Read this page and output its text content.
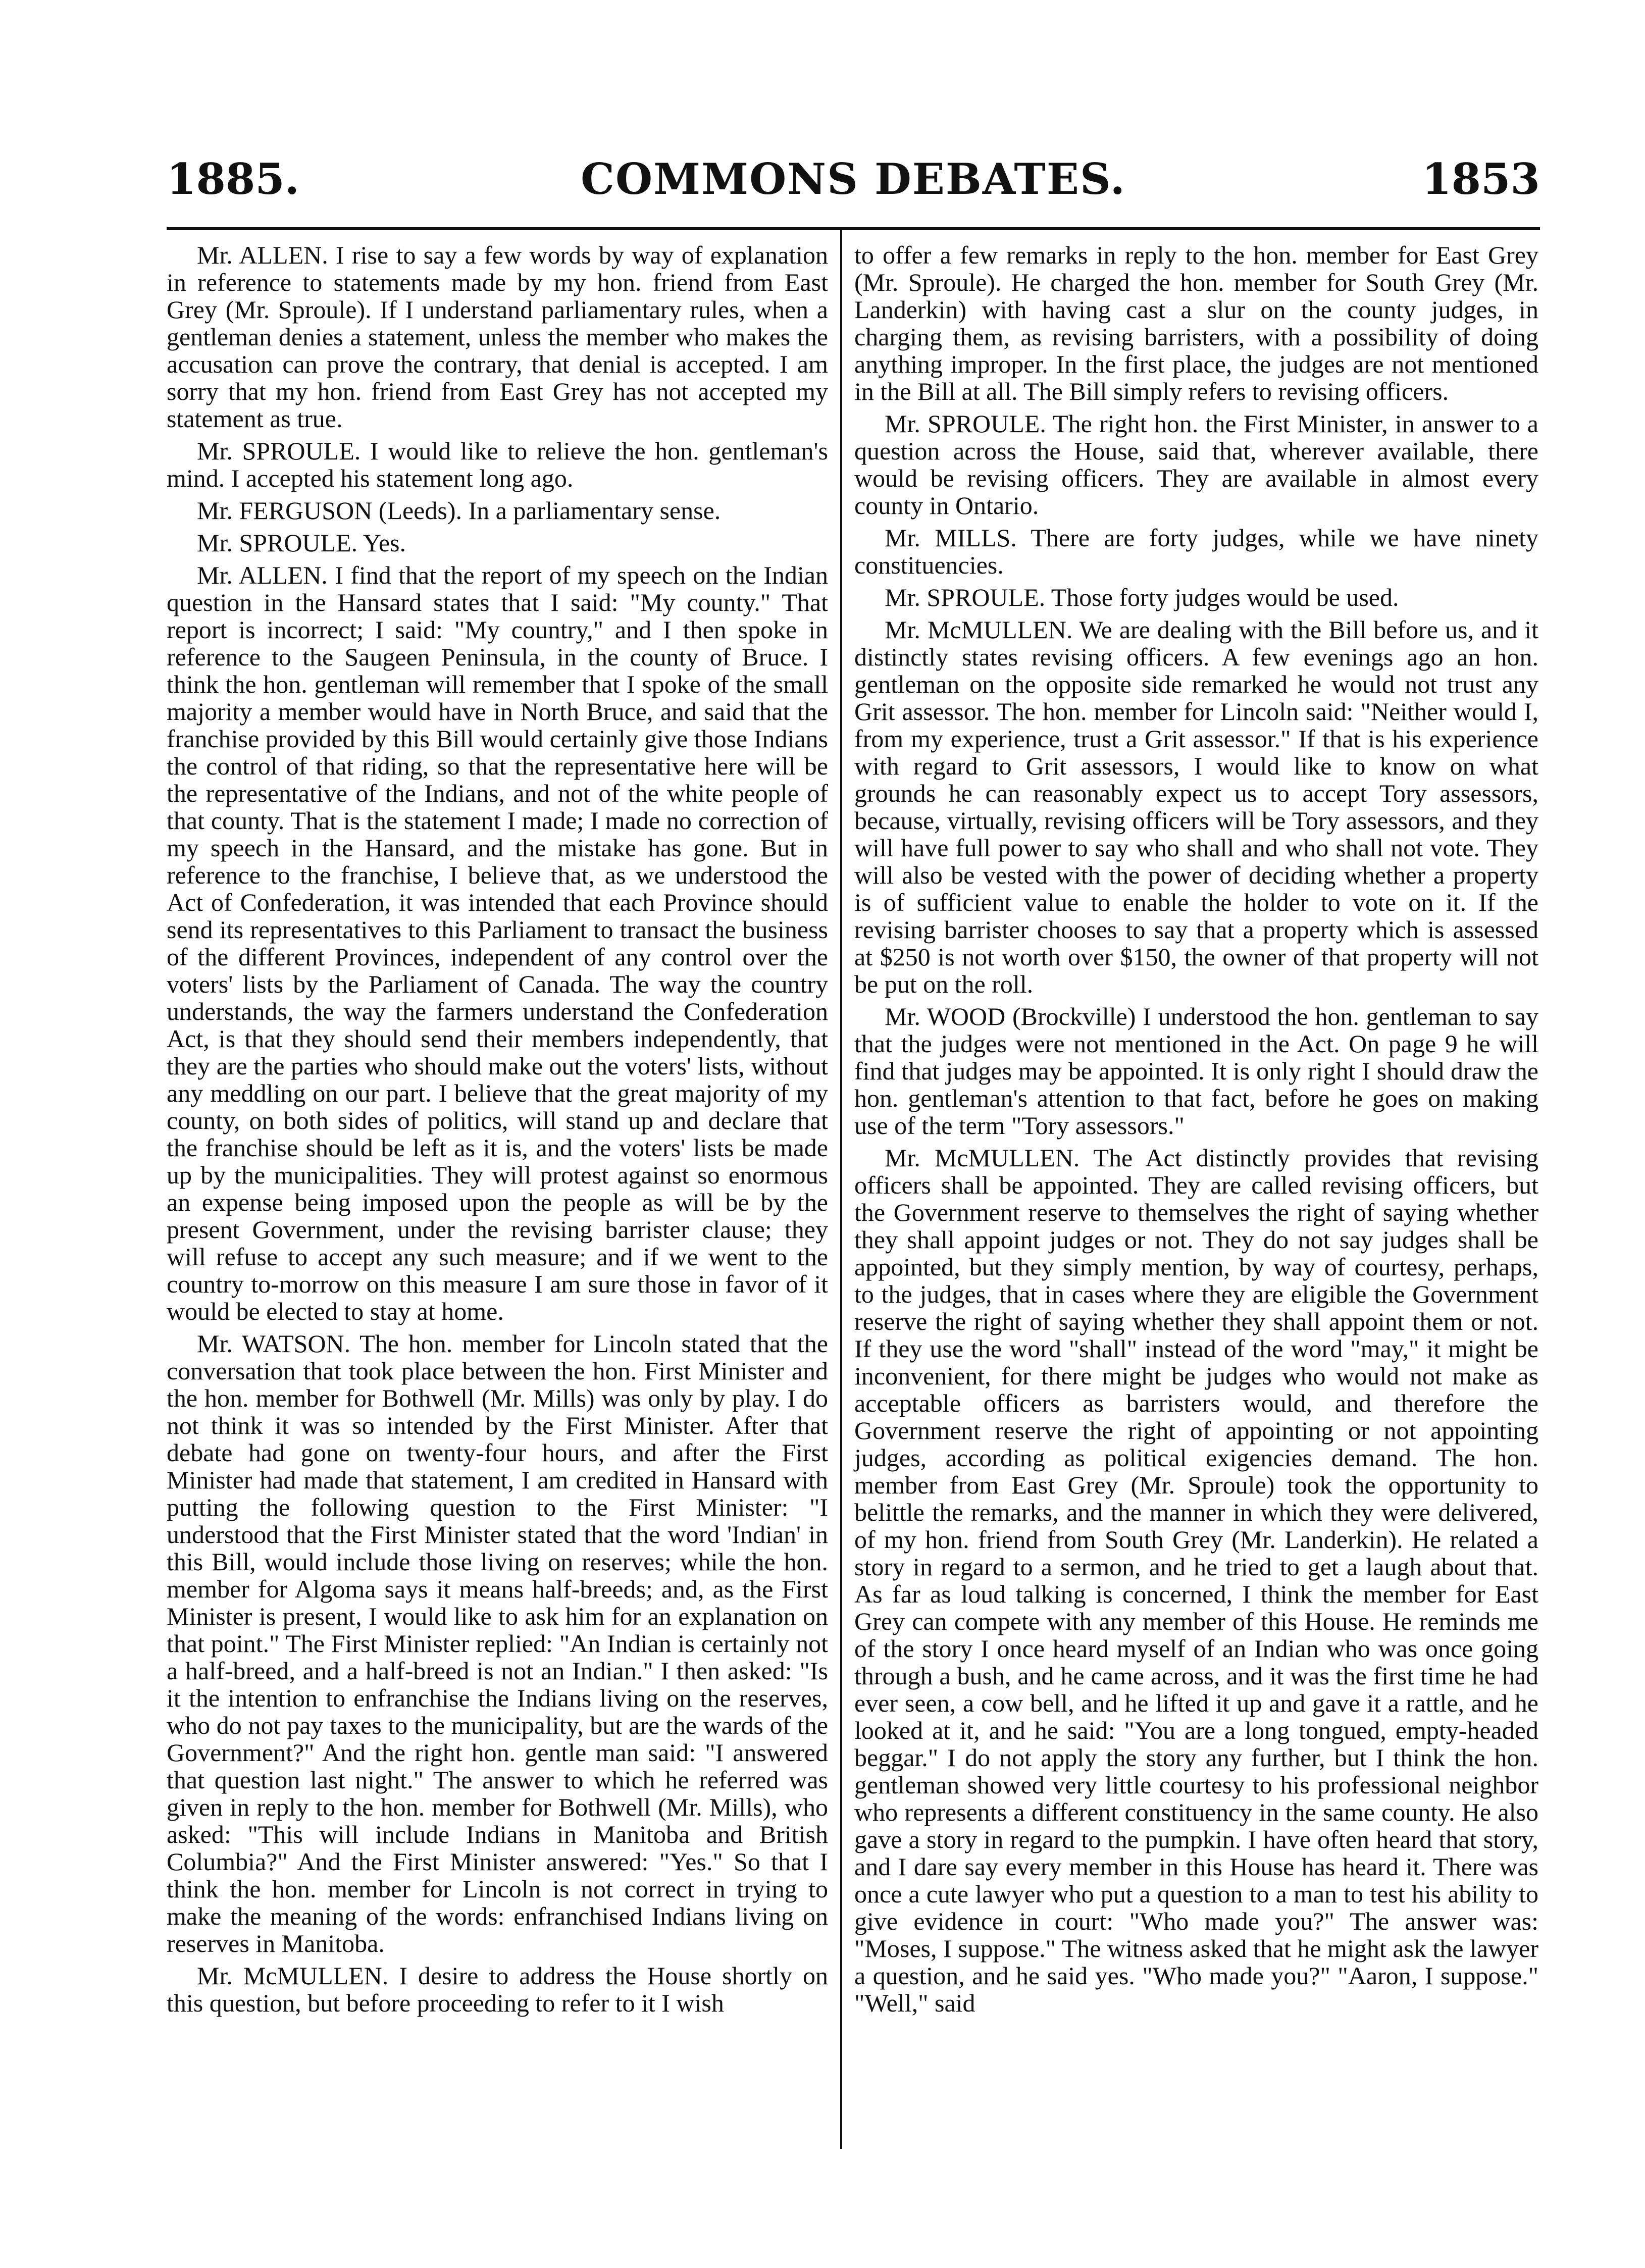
1885.	COMMONS DEBATES.	1853

Mr. ALLEN. I rise to say a few words by way of explanation in reference to statements made by my hon. friend from East Grey (Mr. Sproule). If I understand parliamentary rules, when a gentleman denies a statement, unless the member who makes the accusation can prove the contrary, that denial is accepted. I am sorry that my hon. friend from East Grey has not accepted my statement as true.

Mr. SPROULE. I would like to relieve the hon. gentleman's mind. I accepted his statement long ago.

Mr. FERGUSON (Leeds). In a parliamentary sense.

Mr. SPROULE. Yes.

Mr. ALLEN. I find that the report of my speech on the Indian question in the Hansard states that I said: "My county." That report is incorrect; I said: "My country," and I then spoke in reference to the Saugeen Peninsula, in the county of Bruce. I think the hon. gentleman will remember that I spoke of the small majority a member would have in North Bruce, and said that the franchise provided by this Bill would certainly give those Indians the control of that riding, so that the representative here will be the representative of the Indians, and not of the white people of that county. That is the statement I made; I made no correction of my speech in the Hansard, and the mistake has gone. But in reference to the franchise, I believe that, as we understood the Act of Confederation, it was intended that each Province should send its representatives to this Parliament to transact the business of the different Provinces, independent of any control over the voters' lists by the Parliament of Canada. The way the country understands, the way the farmers understand the Confederation Act, is that they should send their members independently, that they are the parties who should make out the voters' lists, without any meddling on our part. I believe that the great majority of my county, on both sides of politics, will stand up and declare that the franchise should be left as it is, and the voters' lists be made up by the municipalities. They will protest against so enormous an expense being imposed upon the people as will be by the present Government, under the revising barrister clause; they will refuse to accept any such measure; and if we went to the country to-morrow on this measure I am sure those in favor of it would be elected to stay at home.

Mr. WATSON. The hon. member for Lincoln stated that the conversation that took place between the hon. First Minister and the hon. member for Bothwell (Mr. Mills) was only by play. I do not think it was so intended by the First Minister. After that debate had gone on twenty-four hours, and after the First Minister had made that statement, I am credited in Hansard with putting the following question to the First Minister: "I understood that the First Minister stated that the word 'Indian' in this Bill, would include those living on reserves; while the hon. member for Algoma says it means half-breeds; and, as the First Minister is present, I would like to ask him for an explanation on that point." The First Minister replied: "An Indian is certainly not a half-breed, and a half-breed is not an Indian." I then asked: "Is it the intention to enfranchise the Indians living on the reserves, who do not pay taxes to the municipality, but are the wards of the Government?" And the right hon. gentle man said: "I answered that question last night." The answer to which he referred was given in reply to the hon. member for Bothwell (Mr. Mills), who asked: "This will include Indians in Manitoba and British Columbia?" And the First Minister answered: "Yes." So that I think the hon. member for Lincoln is not correct in trying to make the meaning of the words: enfranchised Indians living on reserves in Manitoba.

Mr. McMULLEN. I desire to address the House shortly on this question, but before proceeding to refer to it I wish

to offer a few remarks in reply to the hon. member for East Grey (Mr. Sproule). He charged the hon. member for South Grey (Mr. Landerkin) with having cast a slur on the county judges, in charging them, as revising barristers, with a possibility of doing anything improper. In the first place, the judges are not mentioned in the Bill at all. The Bill simply refers to revising officers.

Mr. SPROULE. The right hon. the First Minister, in answer to a question across the House, said that, wherever available, there would be revising officers. They are available in almost every county in Ontario.

Mr. MILLS. There are forty judges, while we have ninety constituencies.

Mr. SPROULE. Those forty judges would be used.

Mr. McMULLEN. We are dealing with the Bill before us, and it distinctly states revising officers. A few evenings ago an hon. gentleman on the opposite side remarked he would not trust any Grit assessor. The hon. member for Lincoln said: "Neither would I, from my experience, trust a Grit assessor." If that is his experience with regard to Grit assessors, I would like to know on what grounds he can reasonably expect us to accept Tory assessors, because, virtually, revising officers will be Tory assessors, and they will have full power to say who shall and who shall not vote. They will also be vested with the power of deciding whether a property is of sufficient value to enable the holder to vote on it. If the revising barrister chooses to say that a property which is assessed at $250 is not worth over $150, the owner of that property will not be put on the roll.

Mr. WOOD (Brockville) I understood the hon. gentleman to say that the judges were not mentioned in the Act. On page 9 he will find that judges may be appointed. It is only right I should draw the hon. gentleman's attention to that fact, before he goes on making use of the term "Tory assessors."

Mr. McMULLEN. The Act distinctly provides that revising officers shall be appointed. They are called revising officers, but the Government reserve to themselves the right of saying whether they shall appoint judges or not. They do not say judges shall be appointed, but they simply mention, by way of courtesy, perhaps, to the judges, that in cases where they are eligible the Government reserve the right of saying whether they shall appoint them or not. If they use the word "shall" instead of the word "may," it might be inconvenient, for there might be judges who would not make as acceptable officers as barristers would, and therefore the Government reserve the right of appointing or not appointing judges, according as political exigencies demand. The hon. member from East Grey (Mr. Sproule) took the opportunity to belittle the remarks, and the manner in which they were delivered, of my hon. friend from South Grey (Mr. Landerkin). He related a story in regard to a sermon, and he tried to get a laugh about that. As far as loud talking is concerned, I think the member for East Grey can compete with any member of this House. He reminds me of the story I once heard myself of an Indian who was once going through a bush, and he came across, and it was the first time he had ever seen, a cow bell, and he lifted it up and gave it a rattle, and he looked at it, and he said: "You are a long tongued, empty-headed beggar." I do not apply the story any further, but I think the hon. gentleman showed very little courtesy to his professional neighbor who represents a different constituency in the same county. He also gave a story in regard to the pumpkin. I have often heard that story, and I dare say every member in this House has heard it. There was once a cute lawyer who put a question to a man to test his ability to give evidence in court: "Who made you?" The answer was: "Moses, I suppose." The witness asked that he might ask the lawyer a question, and he said yes. "Who made you?" "Aaron, I suppose." "Well," said
